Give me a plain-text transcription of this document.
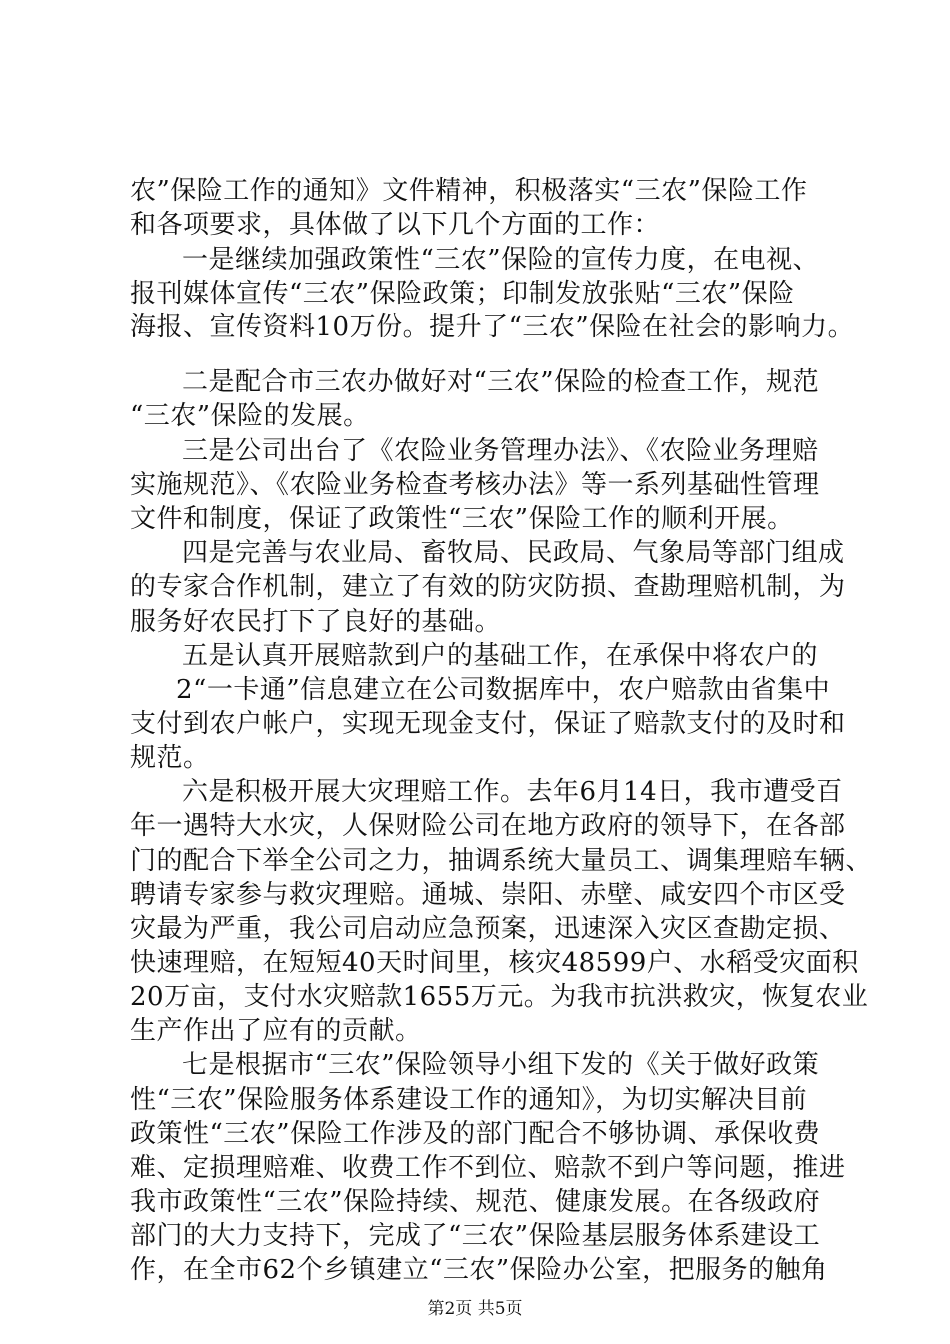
农”保险工作的通知》文件精神，积极落实“三农”保险工作
和各项要求，具体做了以下几个方面的工作：
一是继续加强政策性“三农”保险的宣传力度，在电视、
报刊媒体宣传“三农”保险政策；印制发放张贴“三农”保险
海报、宣传资料10万份。提升了“三农”保险在社会的影响力。
二是配合市三农办做好对“三农”保险的检查工作，规范
“三农”保险的发展。
三是公司出台了《农险业务管理办法》、《农险业务理赔
实施规范》、《农险业务检查考核办法》等一系列基础性管理
文件和制度，保证了政策性“三农”保险工作的顺利开展。
四是完善与农业局、畜牧局、民政局、气象局等部门组成
的专家合作机制，建立了有效的防灾防损、查勘理赔机制，为
服务好农民打下了良好的基础。
五是认真开展赔款到户的基础工作，在承保中将农户的
2“一卡通”信息建立在公司数据库中，农户赔款由省集中
支付到农户帐户，实现无现金支付，保证了赔款支付的及时和
规范。
六是积极开展大灾理赔工作。去年6月14日，我市遭受百
年一遇特大水灾，人保财险公司在地方政府的领导下，在各部
门的配合下举全公司之力，抽调系统大量员工、调集理赔车辆、
聘请专家参与救灾理赔。通城、崇阳、赤壁、咸安四个市区受
灾最为严重，我公司启动应急预案，迅速深入灾区查勘定损、
快速理赔，在短短40天时间里，核灾48599户、水稻受灾面积
20万亩，支付水灾赔款1655万元。为我市抗洪救灾，恢复农业
生产作出了应有的贡献。
七是根据市“三农”保险领导小组下发的《关于做好政策
性“三农”保险服务体系建设工作的通知》，为切实解决目前
政策性“三农”保险工作涉及的部门配合不够协调、承保收费
难、定损理赔难、收费工作不到位、赔款不到户等问题，推进
我市政策性“三农”保险持续、规范、健康发展。在各级政府
部门的大力支持下，完成了“三农”保险基层服务体系建设工
作，在全市62个乡镇建立“三农”保险办公室，把服务的触角
第2页 共5页
